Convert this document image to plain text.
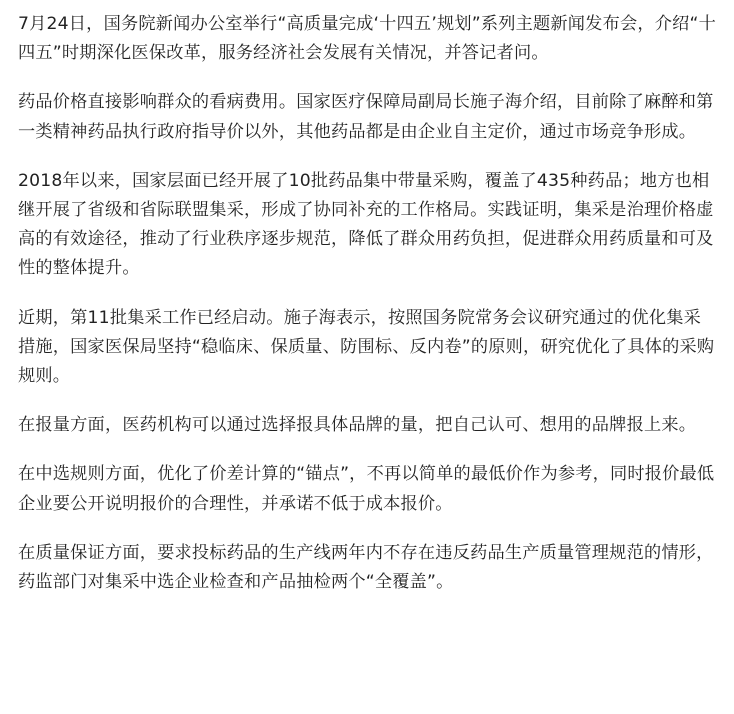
7月24日，国务院新闻办公室举行“高质量完成‘十四五’规划”系列主题新闻发布会，介绍“十四五”时期深化医保改革，服务经济社会发展有关情况，并答记者问。

药品价格直接影响群众的看病费用。国家医疗保障局副局长施子海介绍，目前除了麻醉和第一类精神药品执行政府指导价以外，其他药品都是由企业自主定价，通过市场竞争形成。

2018年以来，国家层面已经开展了10批药品集中带量采购，覆盖了435种药品；地方也相继开展了省级和省际联盟集采，形成了协同补充的工作格局。实践证明，集采是治理价格虚高的有效途径，推动了行业秩序逐步规范，降低了群众用药负担，促进群众用药质量和可及性的整体提升。

近期，第11批集采工作已经启动。施子海表示，按照国务院常务会议研究通过的优化集采措施，国家医保局坚持“稳临床、保质量、防围标、反内卷”的原则，研究优化了具体的采购规则。

在报量方面，医药机构可以通过选择报具体品牌的量，把自己认可、想用的品牌报上来。

在中选规则方面，优化了价差计算的“锚点”，不再以简单的最低价作为参考，同时报价最低企业要公开说明报价的合理性，并承诺不低于成本报价。

在质量保证方面，要求投标药品的生产线两年内不存在违反药品生产质量管理规范的情形，药监部门对集采中选企业检查和产品抽检两个“全覆盖”。
